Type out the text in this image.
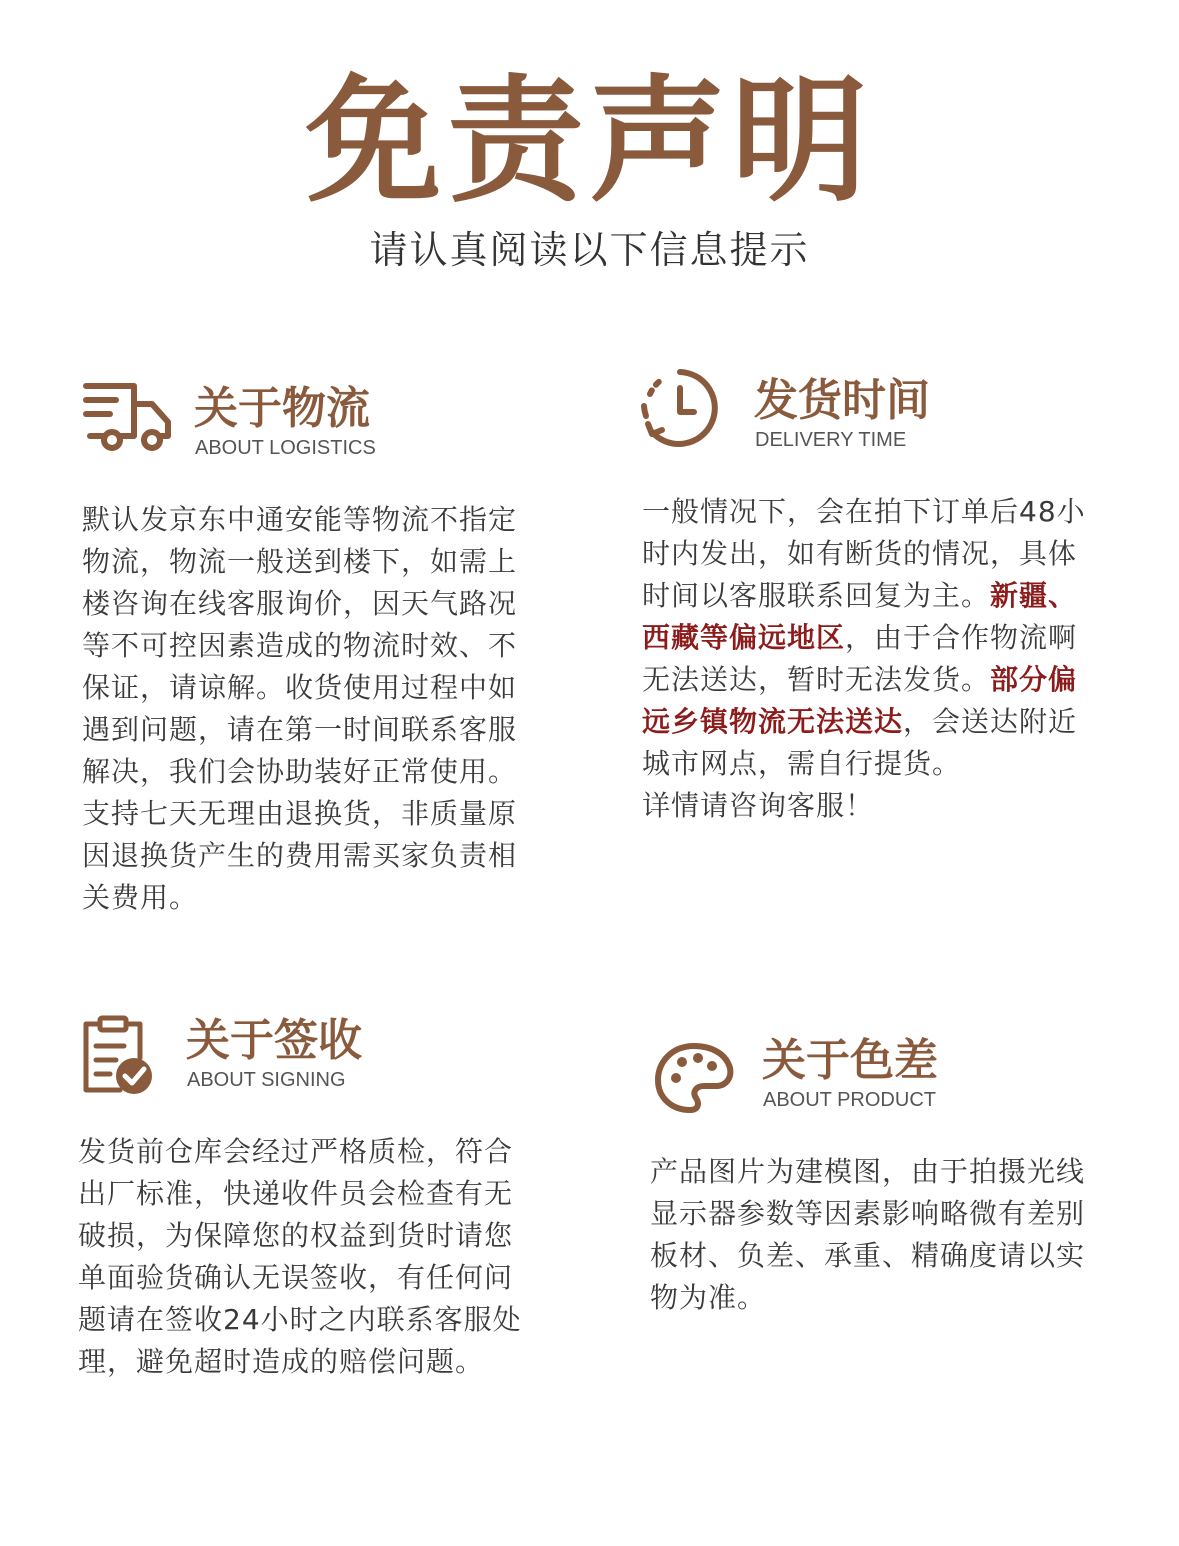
免责声明
请认真阅读以下信息提示
关于物流
ABOUT LOGISTICS
默认发京东中通安能等物流不指定物流，物流一般送到楼下，如需上楼咨询在线客服询价，因天气路况等不可控因素造成的物流时效、不保证，请谅解。收货使用过程中如遇到问题，请在第一时间联系客服解决，我们会协助装好正常使用。支持七天无理由退换货，非质量原因退换货产生的费用需买家负责相关费用。
发货时间
DELIVERY TIME
一般情况下，会在拍下订单后48小时内发出，如有断货的情况，具体时间以客服联系回复为主。新疆、西藏等偏远地区，由于合作物流啊无法送达，暂时无法发货。部分偏远乡镇物流无法送达，会送达附近城市网点，需自行提货。
详情请咨询客服！
关于签收
ABOUT SIGNING
发货前仓库会经过严格质检，符合出厂标准，快递收件员会检查有无破损，为保障您的权益到货时请您单面验货确认无误签收，有任何问题请在签收24小时之内联系客服处理，避免超时造成的赔偿问题。
关于色差
ABOUT PRODUCT
产品图片为建模图，由于拍摄光线显示器参数等因素影响略微有差别板材、负差、承重、精确度请以实物为准。
